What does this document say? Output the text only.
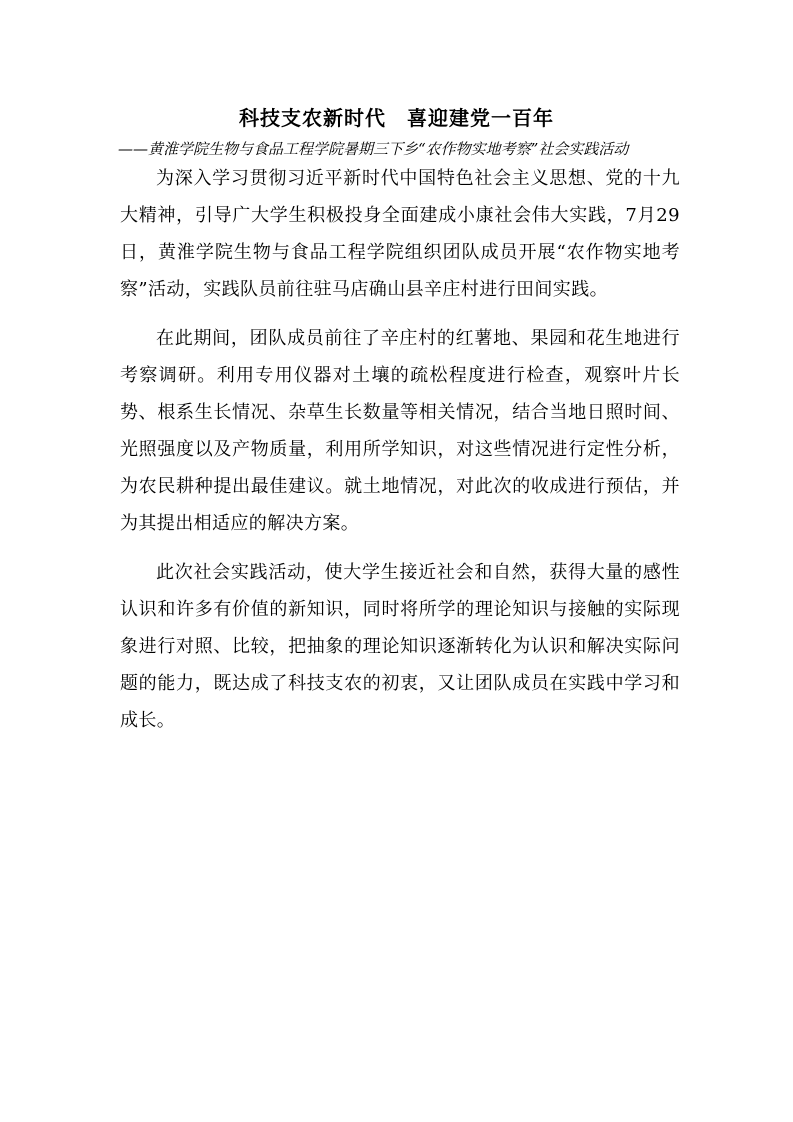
科技支农新时代　喜迎建党一百年
——黄淮学院生物与食品工程学院暑期三下乡“农作物实地考察”社会实践活动

为深入学习贯彻习近平新时代中国特色社会主义思想、党的十九大精神，引导广大学生积极投身全面建成小康社会伟大实践，7月29日，黄淮学院生物与食品工程学院组织团队成员开展“农作物实地考察”活动，实践队员前往驻马店确山县辛庄村进行田间实践。

在此期间，团队成员前往了辛庄村的红薯地、果园和花生地进行考察调研。利用专用仪器对土壤的疏松程度进行检查，观察叶片长势、根系生长情况、杂草生长数量等相关情况，结合当地日照时间、光照强度以及产物质量，利用所学知识，对这些情况进行定性分析，为农民耕种提出最佳建议。就土地情况，对此次的收成进行预估，并为其提出相适应的解决方案。

此次社会实践活动，使大学生接近社会和自然，获得大量的感性认识和许多有价值的新知识，同时将所学的理论知识与接触的实际现象进行对照、比较，把抽象的理论知识逐渐转化为认识和解决实际问题的能力，既达成了科技支农的初衷，又让团队成员在实践中学习和成长。
